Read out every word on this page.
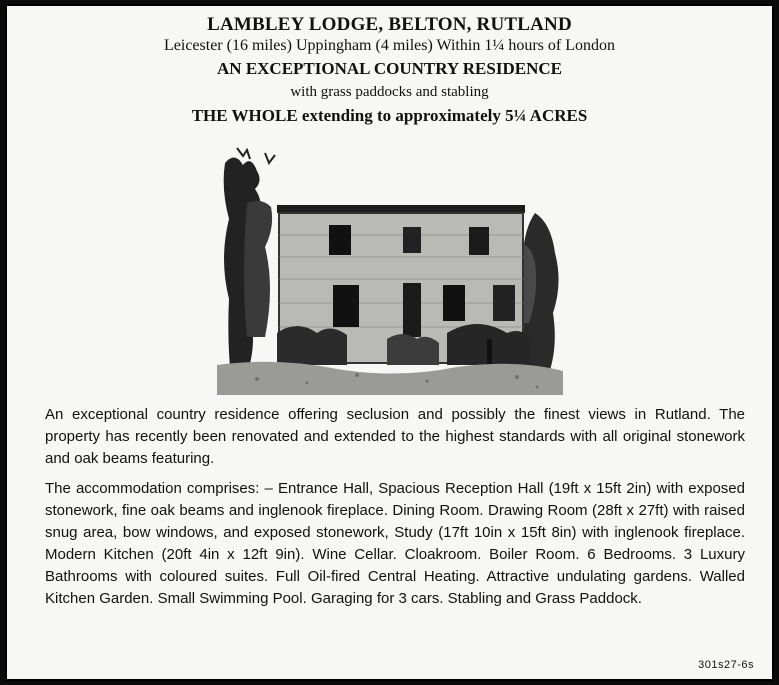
LAMBLEY LODGE, BELTON, RUTLAND
Leicester (16 miles) Uppingham (4 miles) Within 1¼ hours of London
AN EXCEPTIONAL COUNTRY RESIDENCE
with grass paddocks and stabling
THE WHOLE extending to approximately 5¼ ACRES

An exceptional country residence offering seclusion and possibly the finest views in Rutland. The property has recently been renovated and extended to the highest standards with all original stonework and oak beams featuring.

The accommodation comprises: – Entrance Hall, Spacious Reception Hall (19ft x 15ft 2in) with exposed stonework, fine oak beams and inglenook fireplace. Dining Room. Drawing Room (28ft x 27ft) with raised snug area, bow windows, and exposed stonework, Study (17ft 10in x 15ft 8in) with inglenook fireplace. Modern Kitchen (20ft 4in x 12ft 9in). Wine Cellar. Cloakroom. Boiler Room. 6 Bedrooms. 3 Luxury Bathrooms with coloured suites. Full Oil-fired Central Heating. Attractive undulating gardens. Walled Kitchen Garden. Small Swimming Pool. Garaging for 3 cars. Stabling and Grass Paddock.

301s27-6s
